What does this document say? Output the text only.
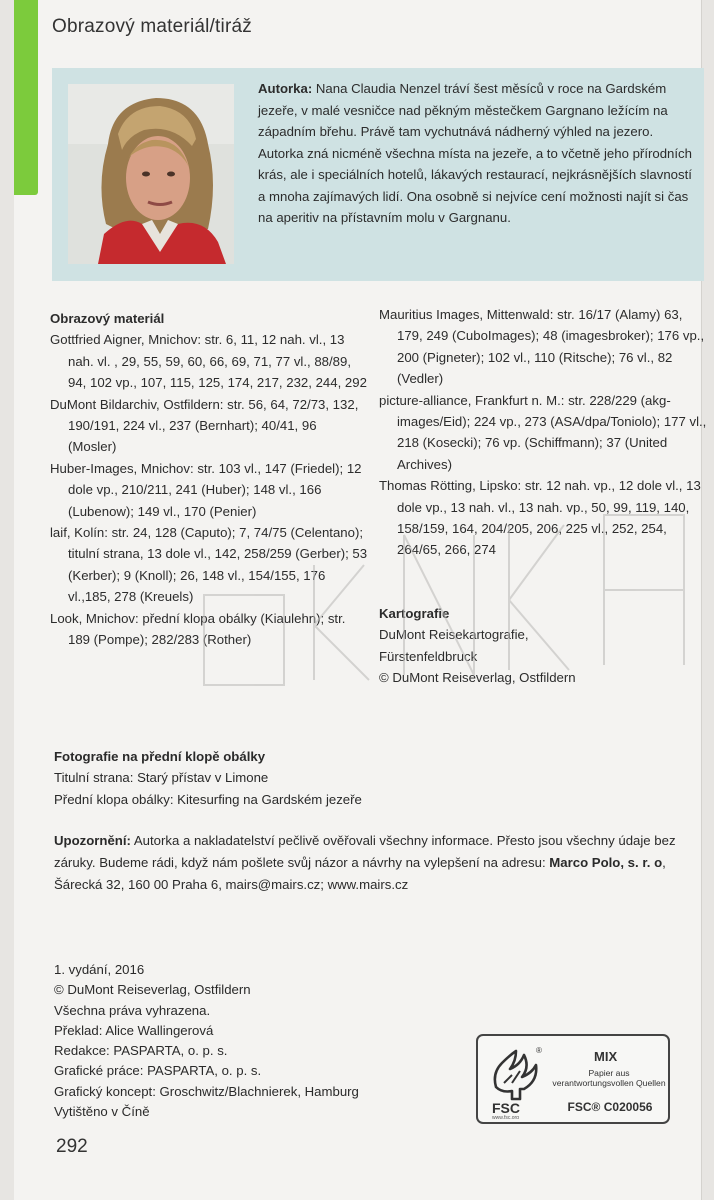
Obrazový materiál/tiráž
Autorka: Nana Claudia Nenzel tráví šest měsíců v roce na Gardském jezeře, v malé vesničce nad pěkným městečkem Gargnano ležícím na západním břehu. Právě tam vychutnává nádherný výhled na jezero. Autorka zná nicméně všechna místa na jezeře, a to včetně jeho přírodních krás, ale i speciálních hotelů, lákavých restaurací, nejkrásnějších slavností a mnoha zajímavých lidí. Ona osobně si nejvíce cení možnosti najít si čas na aperitiv na přístavním molu v Gargnanu.
Obrazový materiál
Gottfried Aigner, Mnichov: str. 6, 11, 12 nah. vl., 13 nah. vl. , 29, 55, 59, 60, 66, 69, 71, 77 vl., 88/89, 94, 102 vp., 107, 115, 125, 174, 217, 232, 244, 292
DuMont Bildarchiv, Ostfildern: str. 56, 64, 72/73, 132, 190/191, 224 vl., 237 (Bernhart); 40/41, 96 (Mosler)
Huber-Images, Mnichov: str. 103 vl., 147 (Friedel); 12 dole vp., 210/211, 241 (Huber); 148 vl., 166 (Lubenow); 149 vl., 170 (Penier)
laif, Kolín: str. 24, 128 (Caputo); 7, 74/75 (Celentano); titulní strana, 13 dole vl., 142, 258/259 (Gerber); 53 (Kerber); 9 (Knoll); 26, 148 vl., 154/155, 176 vl.,185, 278 (Kreuels)
Look, Mnichov: přední klopa obálky (Kiaulehn); str. 189 (Pompe); 282/283 (Rother)
Mauritius Images, Mittenwald: str. 16/17 (Alamy) 63, 179, 249 (CuboImages); 48 (imagesbroker); 176 vp., 200 (Pigneter); 102 vl., 110 (Ritsche); 76 vl., 82 (Vedler)
picture-alliance, Frankfurt n. M.: str. 228/229 (akg-images/Eid); 224 vp., 273 (ASA/dpa/Toniolo); 177 vl., 218 (Kosecki); 76 vp. (Schiffmann); 37 (United Archives)
Thomas Rötting, Lipsko: str. 12 nah. vp., 12 dole vl., 13 dole vp., 13 nah. vl., 13 nah. vp., 50, 99, 119, 140, 158/159, 164, 204/205, 206, 225 vl., 252, 254, 264/65, 266, 274
Kartografie
DuMont Reisekartografie,
Fürstenfeldbruck
© DuMont Reiseverlag, Ostfildern
Fotografie na přední klopě obálky
Titulní strana: Starý přístav v Limone
Přední klopa obálky: Kitesurfing na Gardském jezeře
Upozornění: Autorka a nakladatelství pečlivě ověřovali všechny informace. Přesto jsou všechny údaje bez záruky. Budeme rádi, když nám pošlete svůj názor a návrhy na vylepšení na adresu: Marco Polo, s. r. o, Šárecká 32, 160 00 Praha 6, mairs@mairs.cz; www.mairs.cz
1. vydání, 2016
© DuMont Reiseverlag, Ostfildern
Všechna práva vyhrazena.
Překlad: Alice Wallingerová
Redakce: PASPARTA, o. p. s.
Grafické práce: PASPARTA, o. p. s.
Grafický koncept: Groschwitz/Blachnierek, Hamburg
Vytištěno v Číně
292
FSC
www.fsc.org
®	MIX
Papier aus verantwortungsvollen Quellen
FSC® C020056
